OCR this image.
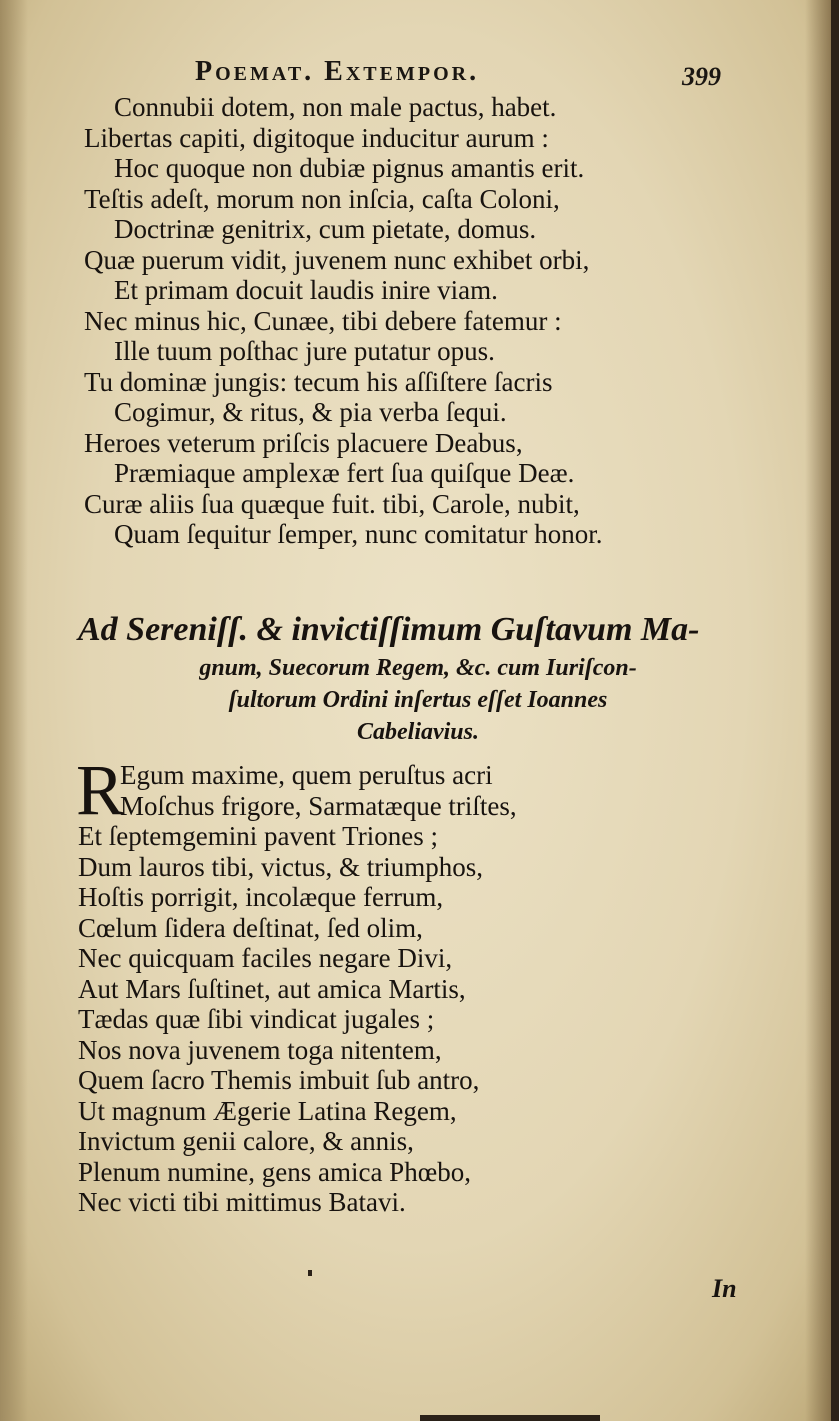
Poemat. Extempor.	399
Connubii dotem, non male pactus, habet.
Libertas capiti, digitoque inducitur aurum :
Hoc quoque non dubiæ pignus amantis erit.
Teſtis adeſt, morum non inſcia, caſta Coloni,
Doctrinæ genitrix, cum pietate, domus.
Quæ puerum vidit, juvenem nunc exhibet orbi,
Et primam docuit laudis inire viam.
Nec minus hic, Cunæe, tibi debere fatemur :
Ille tuum poſthac jure putatur opus.
Tu dominæ jungis: tecum his aſſiſtere ſacris
Cogimur, & ritus, & pia verba ſequi.
Heroes veterum priſcis placuere Deabus,
Præmiaque amplexæ fert ſua quiſque Deæ.
Curæ aliis ſua quæque fuit. tibi, Carole, nubit,
Quam ſequitur ſemper, nunc comitatur honor.
Ad Sereniſſ. & invictiſſimum Guſtavum Ma-
gnum, Suecorum Regem, &c. cum Iuriſcon-
ſultorum Ordini inſertus eſſet Ioannes
Cabeliavius.
R
Egum maxime, quem peruſtus acri
Moſchus frigore, Sarmatæque triſtes,
Et ſeptemgemini pavent Triones ;
Dum lauros tibi, victus, & triumphos,
Hoſtis porrigit, incolæque ferrum,
Cœlum ſidera deſtinat, ſed olim,
Nec quicquam faciles negare Divi,
Aut Mars ſuſtinet, aut amica Martis,
Tædas quæ ſibi vindicat jugales ;
Nos nova juvenem toga nitentem,
Quem ſacro Themis imbuit ſub antro,
Ut magnum Ægerie Latina Regem,
Invictum genii calore, & annis,
Plenum numine, gens amica Phœbo,
Nec victi tibi mittimus Batavi.
In
